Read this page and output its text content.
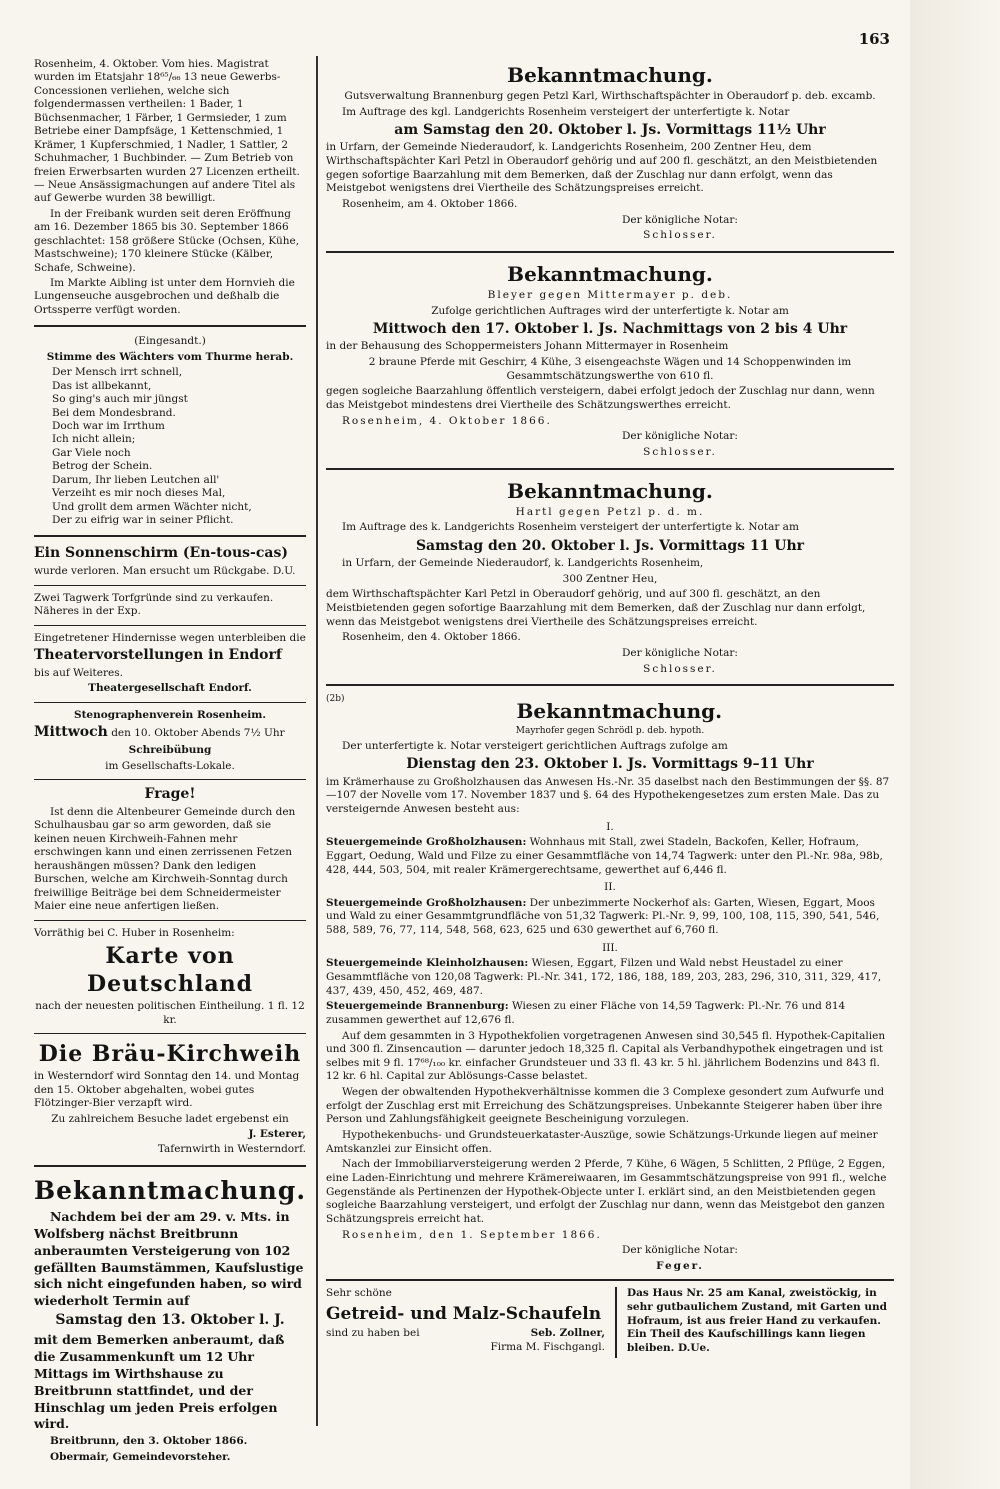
163

Rosenheim, 4. Oktober. Vom hies. Magistrat wurden im Etatsjahr 18⁶⁵/₆₆ 13 neue Gewerbs-Concessionen verliehen, welche sich folgendermassen vertheilen: 1 Bader, 1 Büchsenmacher, 1 Färber, 1 Germsieder, 1 zum Betriebe einer Dampfsäge, 1 Kettenschmied, 1 Krämer, 1 Kupferschmied, 1 Nadler, 1 Sattler, 2 Schuhmacher, 1 Buchbinder. — Zum Betrieb von freien Erwerbsarten wurden 27 Licenzen ertheilt. — Neue Ansässigmachungen auf andere Titel als auf Gewerbe wurden 38 bewilligt.

In der Freibank wurden seit deren Eröffnung am 16. Dezember 1865 bis 30. September 1866 geschlachtet: 158 größere Stücke (Ochsen, Kühe, Mastschweine); 170 kleinere Stücke (Kälber, Schafe, Schweine).

Im Markte Aibling ist unter dem Hornvieh die Lungenseuche ausgebrochen und deßhalb die Ortssperre verfügt worden.

(Eingesandt.)

Stimme des Wächters vom Thurme herab.

Der Mensch irrt schnell,

Das ist allbekannt,

So ging's auch mir jüngst

Bei dem Mondesbrand.

Doch war im Irrthum

Ich nicht allein;

Gar Viele noch

Betrog der Schein.

Darum, Ihr lieben Leutchen all'

Verzeiht es mir noch dieses Mal,

Und grollt dem armen Wächter nicht,

Der zu eifrig war in seiner Pflicht.

Ein Sonnenschirm (En-tous-cas)

wurde verloren. Man ersucht um Rückgabe. D.U.

Zwei Tagwerk Torfgründe sind zu verkaufen. Näheres in der Exp.

Eingetretener Hindernisse wegen unterbleiben die

Theatervorstellungen in Endorf

bis auf Weiteres.

Theatergesellschaft Endorf.

Stenographenverein Rosenheim.

Mittwoch den 10. Oktober Abends 7½ Uhr

Schreibübung

im Gesellschafts-Lokale.

Frage!

Ist denn die Altenbeurer Gemeinde durch den Schulhausbau gar so arm geworden, daß sie keinen neuen Kirchweih-Fahnen mehr erschwingen kann und einen zerrissenen Fetzen heraushängen müssen? Dank den ledigen Burschen, welche am Kirchweih-Sonntag durch freiwillige Beiträge bei dem Schneidermeister Maier eine neue anfertigen ließen.

Vorräthig bei C. Huber in Rosenheim:

Karte von Deutschland

nach der neuesten politischen Eintheilung. 1 fl. 12 kr.

Die Bräu-Kirchweih

in Westerndorf wird Sonntag den 14. und Montag den 15. Oktober abgehalten, wobei gutes Flötzinger-Bier verzapft wird.

Zu zahlreichem Besuche ladet ergebenst ein

J. Esterer,

Tafernwirth in Westerndorf.

Bekanntmachung.

Nachdem bei der am 29. v. Mts. in Wolfsberg nächst Breitbrunn anberaumten Versteigerung von 102 gefällten Baumstämmen, Kaufslustige sich nicht eingefunden haben, so wird wiederholt Termin auf

Samstag den 13. Oktober l. J.

mit dem Bemerken anberaumt, daß die Zusammenkunft um 12 Uhr Mittags im Wirthshause zu Breitbrunn stattfindet, und der Hinschlag um jeden Preis erfolgen wird.

Breitbrunn, den 3. Oktober 1866.

Obermair, Gemeindevorsteher.

Bekanntmachung.

Gutsverwaltung Brannenburg gegen Petzl Karl, Wirthschaftspächter in Oberaudorf p. deb. excamb.

Im Auftrage des kgl. Landgerichts Rosenheim versteigert der unterfertigte k. Notar

am Samstag den 20. Oktober l. Js. Vormittags 11½ Uhr

in Urfarn, der Gemeinde Niederaudorf, k. Landgerichts Rosenheim, 200 Zentner Heu, dem Wirthschaftspächter Karl Petzl in Oberaudorf gehörig und auf 200 fl. geschätzt, an den Meistbietenden gegen sofortige Baarzahlung mit dem Bemerken, daß der Zuschlag nur dann erfolgt, wenn das Meistgebot wenigstens drei Viertheile des Schätzungspreises erreicht.

Rosenheim, am 4. Oktober 1866.

Der königliche Notar:

Schlosser.

Bekanntmachung.

Bleyer gegen Mittermayer p. deb.

Zufolge gerichtlichen Auftrages wird der unterfertigte k. Notar am

Mittwoch den 17. Oktober l. Js. Nachmittags von 2 bis 4 Uhr

in der Behausung des Schoppermeisters Johann Mittermayer in Rosenheim

2 braune Pferde mit Geschirr, 4 Kühe, 3 eisengeachste Wägen und 14 Schoppenwinden im Gesammtschätzungswerthe von 610 fl.

gegen sogleiche Baarzahlung öffentlich versteigern, dabei erfolgt jedoch der Zuschlag nur dann, wenn das Meistgebot mindestens drei Viertheile des Schätzungswerthes erreicht.

Rosenheim, 4. Oktober 1866.

Der königliche Notar:

Schlosser.

Bekanntmachung.

Hartl gegen Petzl p. d. m.

Im Auftrage des k. Landgerichts Rosenheim versteigert der unterfertigte k. Notar am

Samstag den 20. Oktober l. Js. Vormittags 11 Uhr

in Urfarn, der Gemeinde Niederaudorf, k. Landgerichts Rosenheim,

300 Zentner Heu,

dem Wirthschaftspächter Karl Petzl in Oberaudorf gehörig, und auf 300 fl. geschätzt, an den Meistbietenden gegen sofortige Baarzahlung mit dem Bemerken, daß der Zuschlag nur dann erfolgt, wenn das Meistgebot wenigstens drei Viertheile des Schätzungspreises erreicht.

Rosenheim, den 4. Oktober 1866.

Der königliche Notar:

Schlosser.

(2b)	Bekanntmachung.

Mayrhofer gegen Schrödl p. deb. hypoth.

Der unterfertigte k. Notar versteigert gerichtlichen Auftrags zufolge am

Dienstag den 23. Oktober l. Js. Vormittags 9–11 Uhr

im Krämerhause zu Großholzhausen das Anwesen Hs.-Nr. 35 daselbst nach den Bestimmungen der §§. 87—107 der Novelle vom 17. November 1837 und §. 64 des Hypothekengesetzes zum ersten Male. Das zu versteigernde Anwesen besteht aus:

I.

Steuergemeinde Großholzhausen: Wohnhaus mit Stall, zwei Stadeln, Backofen, Keller, Hofraum, Eggart, Oedung, Wald und Filze zu einer Gesammtfläche von 14,74 Tagwerk: unter den Pl.-Nr. 98a, 98b, 428, 444, 503, 504, mit realer Krämergerechtsame, gewerthet auf 6,446 fl.

II.

Steuergemeinde Großholzhausen: Der unbezimmerte Nockerhof als: Garten, Wiesen, Eggart, Moos und Wald zu einer Gesammtgrundfläche von 51,32 Tagwerk: Pl.-Nr. 9, 99, 100, 108, 115, 390, 541, 546, 588, 589, 76, 77, 114, 548, 568, 623, 625 und 630 gewerthet auf 6,760 fl.

III.

Steuergemeinde Kleinholzhausen: Wiesen, Eggart, Filzen und Wald nebst Heustadel zu einer Gesammtfläche von 120,08 Tagwerk: Pl.-Nr. 341, 172, 186, 188, 189, 203, 283, 296, 310, 311, 329, 417, 437, 439, 450, 452, 469, 487.

Steuergemeinde Brannenburg: Wiesen zu einer Fläche von 14,59 Tagwerk: Pl.-Nr. 76 und 814 zusammen gewerthet auf 12,676 fl.

Auf dem gesammten in 3 Hypothekfolien vorgetragenen Anwesen sind 30,545 fl. Hypothek-Capitalien und 300 fl. Zinsencaution — darunter jedoch 18,325 fl. Capital als Verbandhypothek eingetragen und ist selbes mit 9 fl. 17⁶⁸/₁₀₀ kr. einfacher Grundsteuer und 33 fl. 43 kr. 5 hl. jährlichem Bodenzins und 843 fl. 12 kr. 6 hl. Capital zur Ablösungs-Casse belastet.

Wegen der obwaltenden Hypothekverhältnisse kommen die 3 Complexe gesondert zum Aufwurfe und erfolgt der Zuschlag erst mit Erreichung des Schätzungspreises. Unbekannte Steigerer haben über ihre Person und Zahlungsfähigkeit geeignete Bescheinigung vorzulegen.

Hypothekenbuchs- und Grundsteuerkataster-Auszüge, sowie Schätzungs-Urkunde liegen auf meiner Amtskanzlei zur Einsicht offen.

Nach der Immobiliarversteigerung werden 2 Pferde, 7 Kühe, 6 Wägen, 5 Schlitten, 2 Pflüge, 2 Eggen, eine Laden-Einrichtung und mehrere Krämereiwaaren, im Gesammtschätzungspreise von 991 fl., welche Gegenstände als Pertinenzen der Hypothek-Objecte unter I. erklärt sind, an den Meistbietenden gegen sogleiche Baarzahlung versteigert, und erfolgt der Zuschlag nur dann, wenn das Meistgebot den ganzen Schätzungspreis erreicht hat.

Rosenheim, den 1. September 1866.

Der königliche Notar:

Feger.

Sehr schöne

Getreid- und Malz-Schaufeln

sind zu haben bei	Seb. Zollner,

Firma M. Fischgangl.

Das Haus Nr. 25 am Kanal, zweistöckig, in sehr gutbaulichem Zustand, mit Garten und Hofraum, ist aus freier Hand zu verkaufen. Ein Theil des Kaufschillings kann liegen bleiben. D.Ue.
